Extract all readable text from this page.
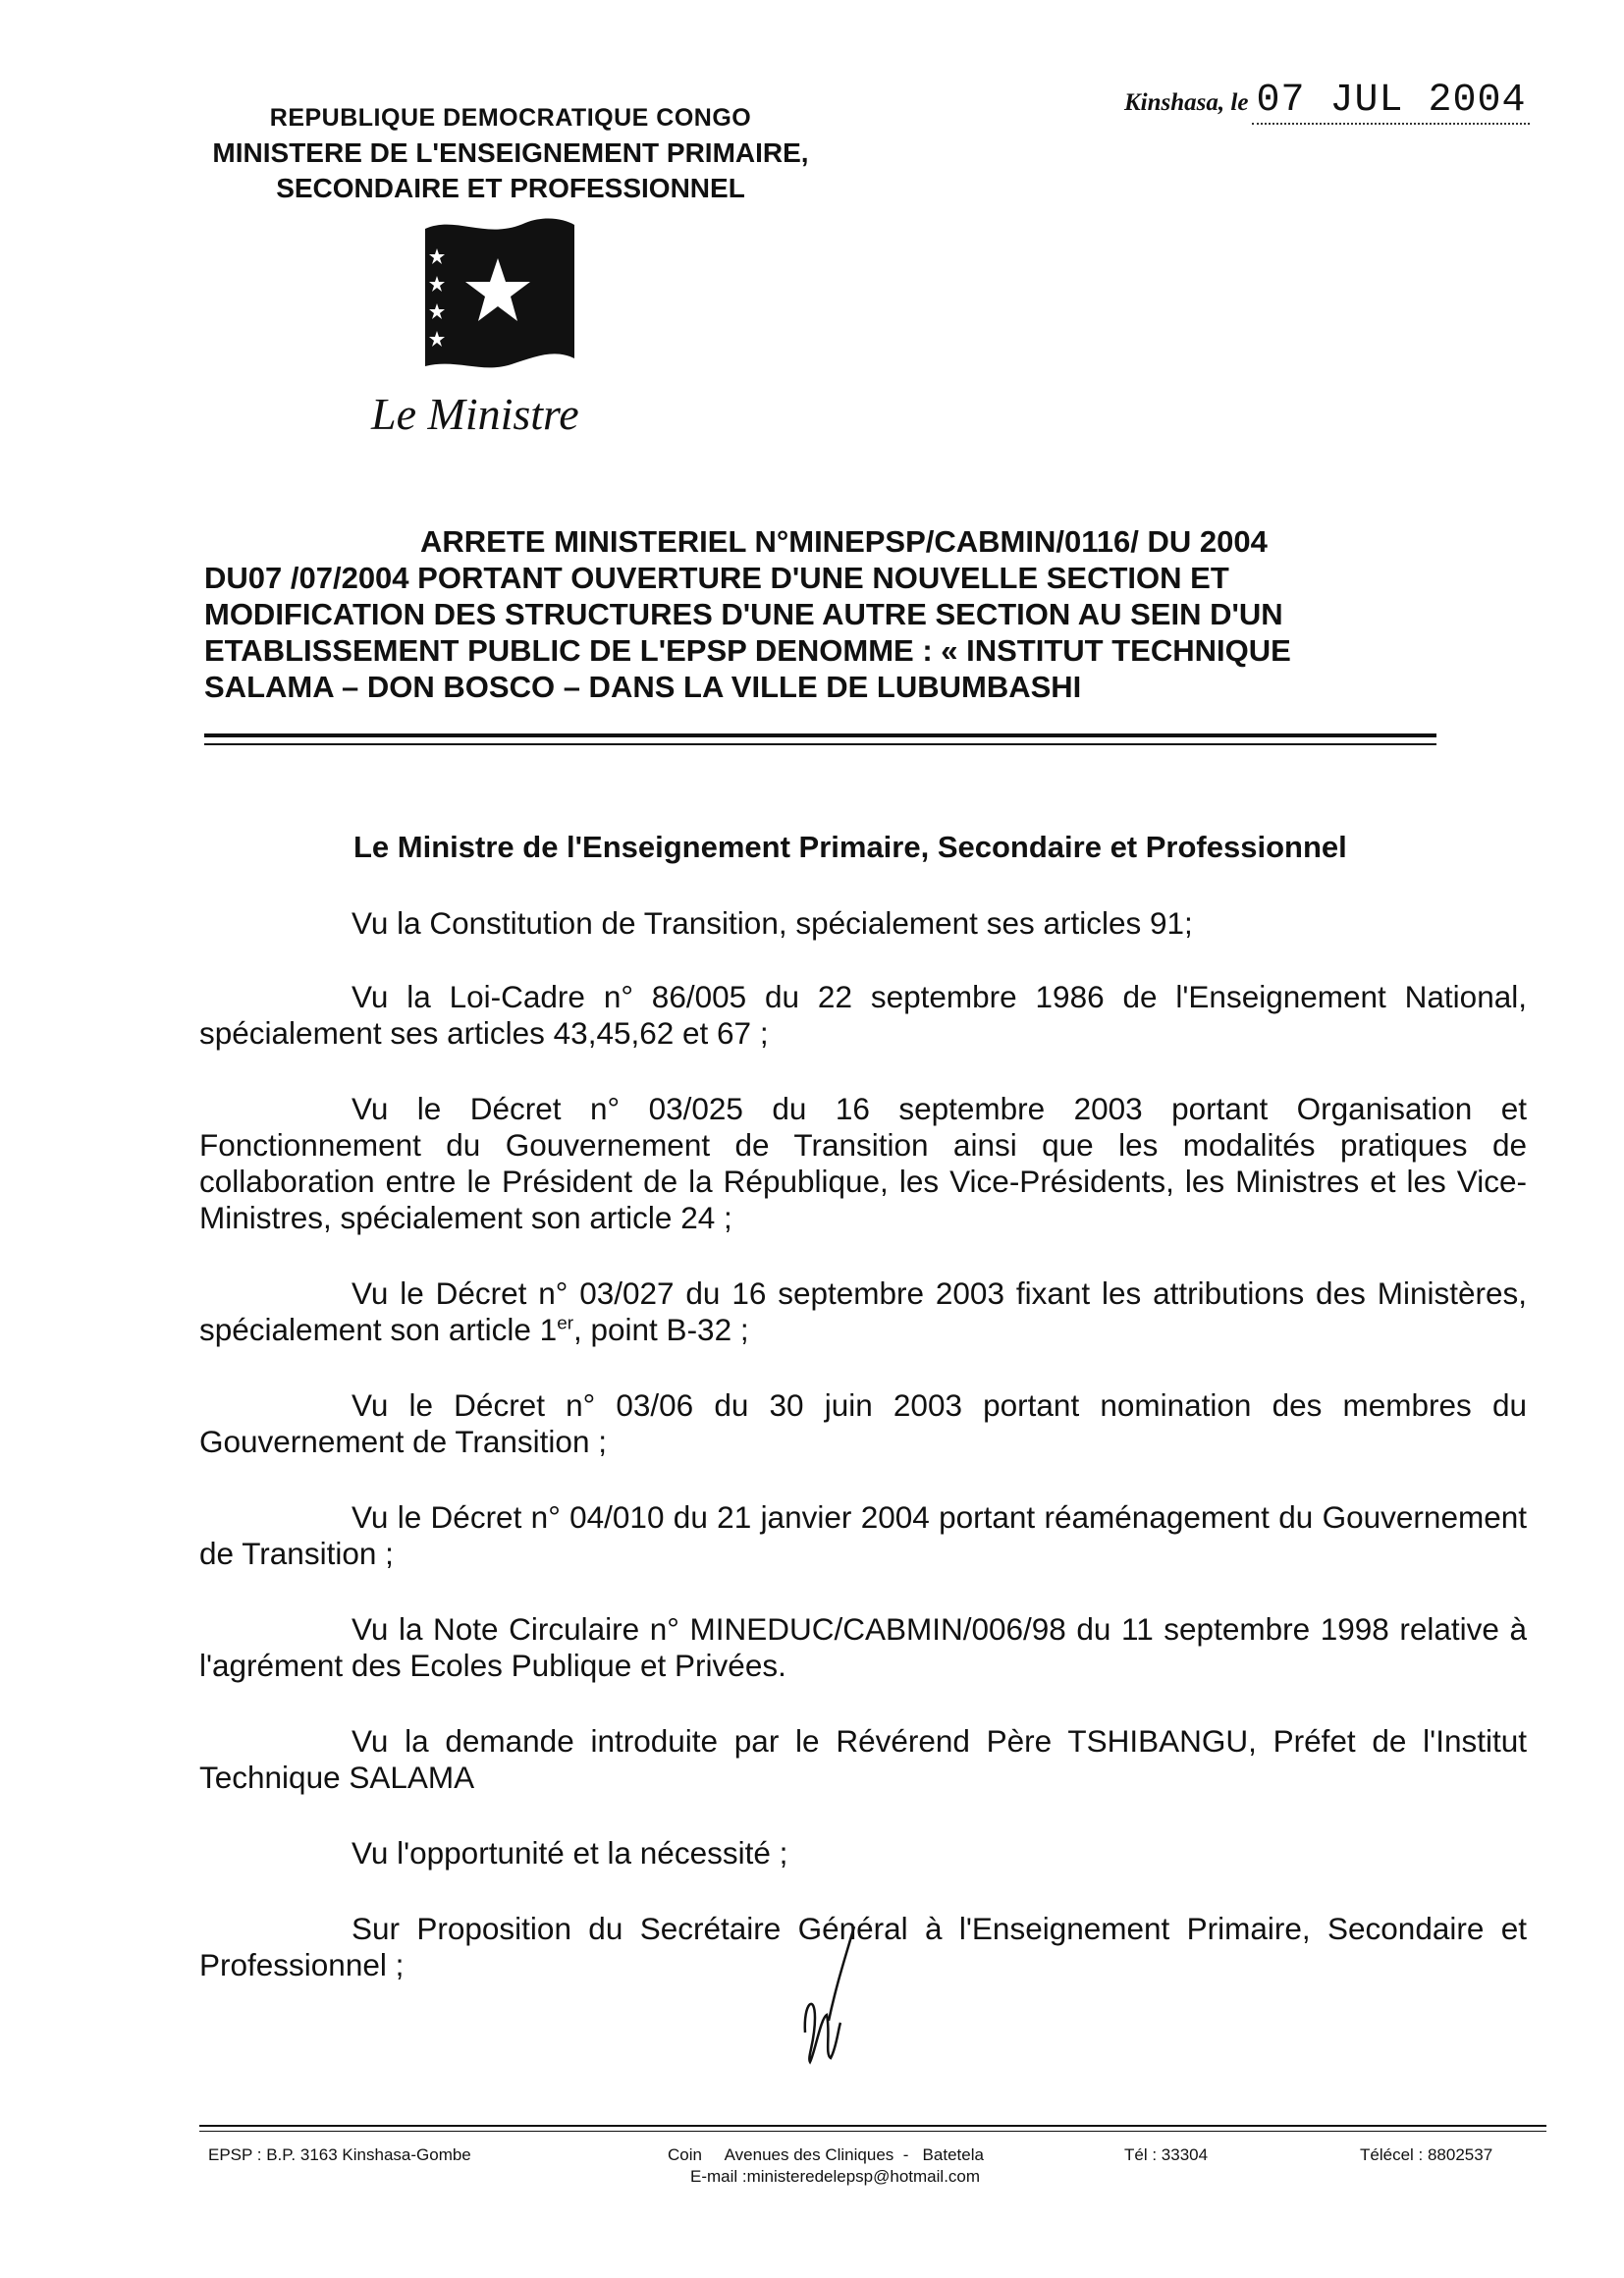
REPUBLIQUE DEMOCRATIQUE CONGO
MINISTERE DE L'ENSEIGNEMENT PRIMAIRE,
SECONDAIRE ET PROFESSIONNEL
Kinshasa, le 07 JUL 2004
Le Ministre
ARRETE MINISTERIEL N°MINEPSP/CABMIN/0116/ DU 2004
DU07 /07/2004 PORTANT OUVERTURE D'UNE NOUVELLE SECTION ET
MODIFICATION DES STRUCTURES D'UNE AUTRE SECTION AU SEIN D'UN
ETABLISSEMENT PUBLIC DE L'EPSP DENOMME : « INSTITUT TECHNIQUE
SALAMA – DON BOSCO – DANS LA VILLE DE LUBUMBASHI
Le Ministre de l'Enseignement Primaire, Secondaire et Professionnel

Vu la Constitution de Transition, spécialement ses articles 91;

Vu la Loi-Cadre n° 86/005 du 22 septembre 1986 de l'Enseignement National, spécialement ses articles 43,45,62 et 67 ;

Vu le Décret n° 03/025 du 16 septembre 2003 portant Organisation et Fonctionnement du Gouvernement de Transition ainsi que les modalités pratiques de collaboration entre le Président de la République, les Vice-Présidents, les Ministres et les Vice-Ministres, spécialement son article 24 ;

Vu le Décret n° 03/027 du 16 septembre 2003 fixant les attributions des Ministères, spécialement son article 1er, point B-32 ;

Vu le Décret n° 03/06 du 30 juin 2003 portant nomination des membres du Gouvernement de Transition ;

Vu le Décret n° 04/010 du 21 janvier 2004 portant réaménagement du Gouvernement de Transition ;

Vu la Note Circulaire n° MINEDUC/CABMIN/006/98 du 11 septembre 1998 relative à l'agrément des Ecoles Publique et Privées.

Vu la demande introduite par le Révérend Père TSHIBANGU, Préfet de l'Institut Technique SALAMA

Vu l'opportunité et la nécessité ;

Sur Proposition du Secrétaire Général à l'Enseignement Primaire, Secondaire et Professionnel ;

EPSP : B.P. 3163 Kinshasa-Gombe	Coin     Avenues des Cliniques  -   Batetela
E-mail :ministeredelepsp@hotmail.com
Tél : 33304	Télécel : 8802537
